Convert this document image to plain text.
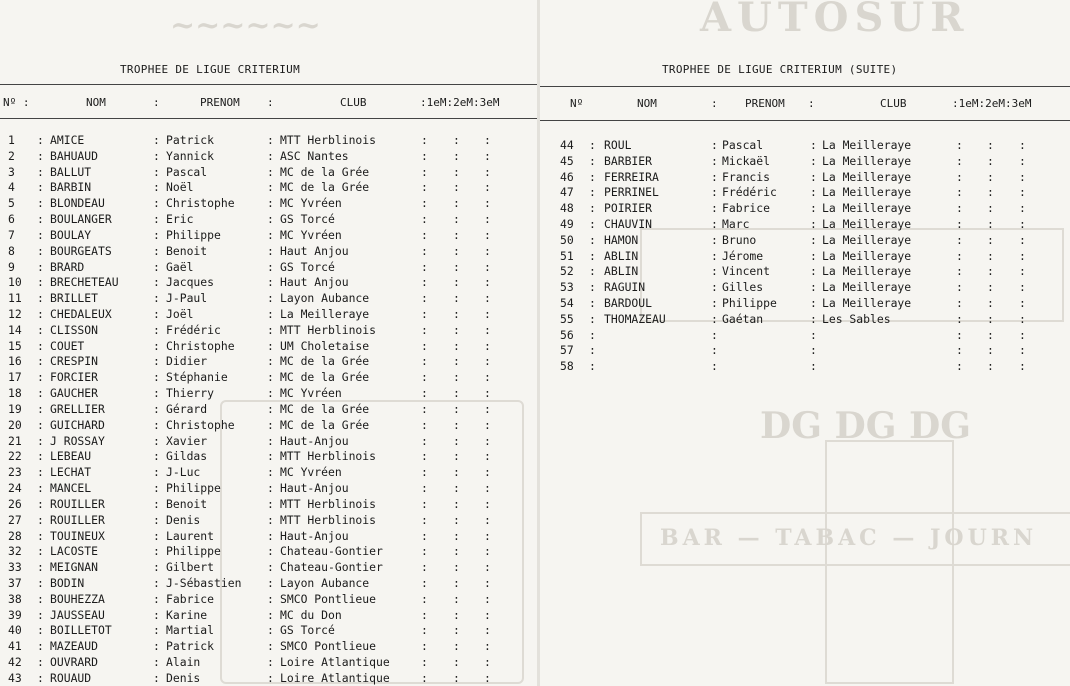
~~~~~~
TROPHEE DE LIGUE CRITERIUM
Nº :	NOM	:	PRENOM :	CLUB	:1eM:2eM:3eM
1 : AMICE	: Patrick	: MTT Herblinois	: : :
2 : BAHUAUD	: Yannick	: ASC Nantes	: : :
3 : BALLUT	: Pascal	: MC de la Grée	: : :
4 : BARBIN	: Noël	: MC de la Grée	: : :
5 : BLONDEAU	: Christophe	: MC Yvréen	: : :
6 : BOULANGER	: Eric	: GS Torcé	: : :
7 : BOULAY	: Philippe	: MC Yvréen	: : :
8 : BOURGEATS	: Benoit	: Haut Anjou	: : :
9 : BRARD	: Gaël	: GS Torcé	: : :
10 : BRECHETEAU	: Jacques	: Haut Anjou	: : :
11 : BRILLET	: J-Paul	: Layon Aubance	: : :
12 : CHEDALEUX	: Joël	: La Meilleraye	: : :
14 : CLISSON	: Frédéric	: MTT Herblinois	: : :
15 : COUET	: Christophe	: UM Choletaise	: : :
16 : CRESPIN	: Didier	: MC de la Grée	: : :
17 : FORCIER	: Stéphanie	: MC de la Grée	: : :
18 : GAUCHER	: Thierry	: MC Yvréen	: : :
19 : GRELLIER	: Gérard	: MC de la Grée	: : :
20 : GUICHARD	: Christophe	: MC de la Grée	: : :
21 : J ROSSAY	: Xavier	: Haut-Anjou	: : :
22 : LEBEAU	: Gildas	: MTT Herblinois	: : :
23 : LECHAT	: J-Luc	: MC Yvréen	: : :
24 : MANCEL	: Philippe	: Haut-Anjou	: : :
26 : ROUILLER	: Benoit	: MTT Herblinois	: : :
27 : ROUILLER	: Denis	: MTT Herblinois	: : :
28 : TOUINEUX	: Laurent	: Haut-Anjou	: : :
32 : LACOSTE	: Philippe	: Chateau-Gontier	: : :
33 : MEIGNAN	: Gilbert	: Chateau-Gontier	: : :
37 : BODIN	: J-Sébastien : Layon Aubance	: : :
38 : BOUHEZZA	: Fabrice	: SMCO Pontlieue	: : :
39 : JAUSSEAU	: Karine	: MC du Don	: : :
40 : BOILLETOT	: Martial	: GS Torcé	: : :
41 : MAZEAUD	: Patrick	: SMCO Pontlieue	: : :
42 : OUVRARD	: Alain	: Loire Atlantique	: : :
43 : ROUAUD	: Denis	: Loire Atlantique	: : :
AUTOSUR
DG DG DG
BAR — TABAC — JOURN
TROPHEE DE LIGUE CRITERIUM (SUITE)
Nº	NOM	: PRENOM :	CLUB	:1eM:2eM:3eM
44 : ROUL	: Pascal	: La Meilleraye	: : :
45 : BARBIER	: Mickaël	: La Meilleraye	: : :
46 : FERREIRA	: Francis	: La Meilleraye	: : :
47 : PERRINEL	: Frédéric	: La Meilleraye	: : :
48 : POIRIER	: Fabrice	: La Meilleraye	: : :
49 : CHAUVIN	: Marc	: La Meilleraye	: : :
50 : HAMON	: Bruno	: La Meilleraye	: : :
51 : ABLIN	: Jérome	: La Meilleraye	: : :
52 : ABLIN	: Vincent	: La Meilleraye	: : :
53 : RAGUIN	: Gilles	: La Meilleraye	: : :
54 : BARDOUL	: Philippe	: La Meilleraye	: : :
55 : THOMAZEAU	: Gaétan	: Les Sables	: : :
56 :	:	:	: : :
57 :	:	:	: : :
58 :	:	:	: : :
